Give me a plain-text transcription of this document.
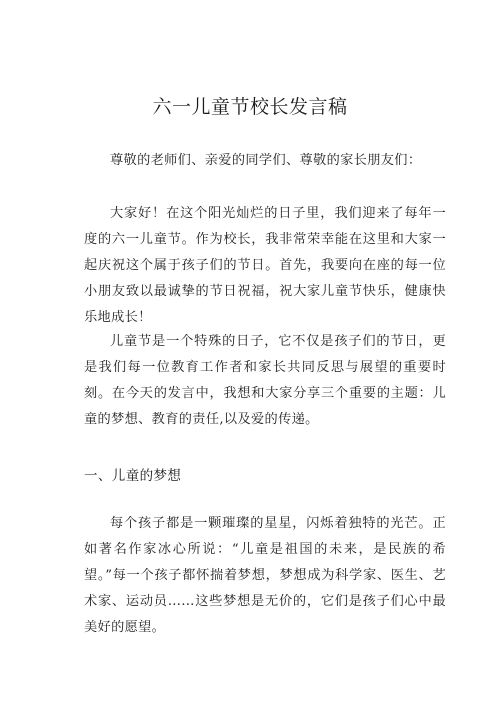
六一儿童节校长发言稿
尊敬的老师们、亲爱的同学们、尊敬的家长朋友们：
大家好！在这个阳光灿烂的日子里，我们迎来了每年一度的六一儿童节。作为校长，我非常荣幸能在这里和大家一起庆祝这个属于孩子们的节日。首先，我要向在座的每一位小朋友致以最诚挚的节日祝福，祝大家儿童节快乐，健康快乐地成长！
儿童节是一个特殊的日子，它不仅是孩子们的节日，更是我们每一位教育工作者和家长共同反思与展望的重要时刻。在今天的发言中，我想和大家分享三个重要的主题：儿童的梦想、教育的责任,以及爱的传递。
一、儿童的梦想
每个孩子都是一颗璀璨的星星，闪烁着独特的光芒。正如著名作家冰心所说：“儿童是祖国的未来，是民族的希望。”每一个孩子都怀揣着梦想，梦想成为科学家、医生、艺术家、运动员……这些梦想是无价的，它们是孩子们心中最美好的愿望。
